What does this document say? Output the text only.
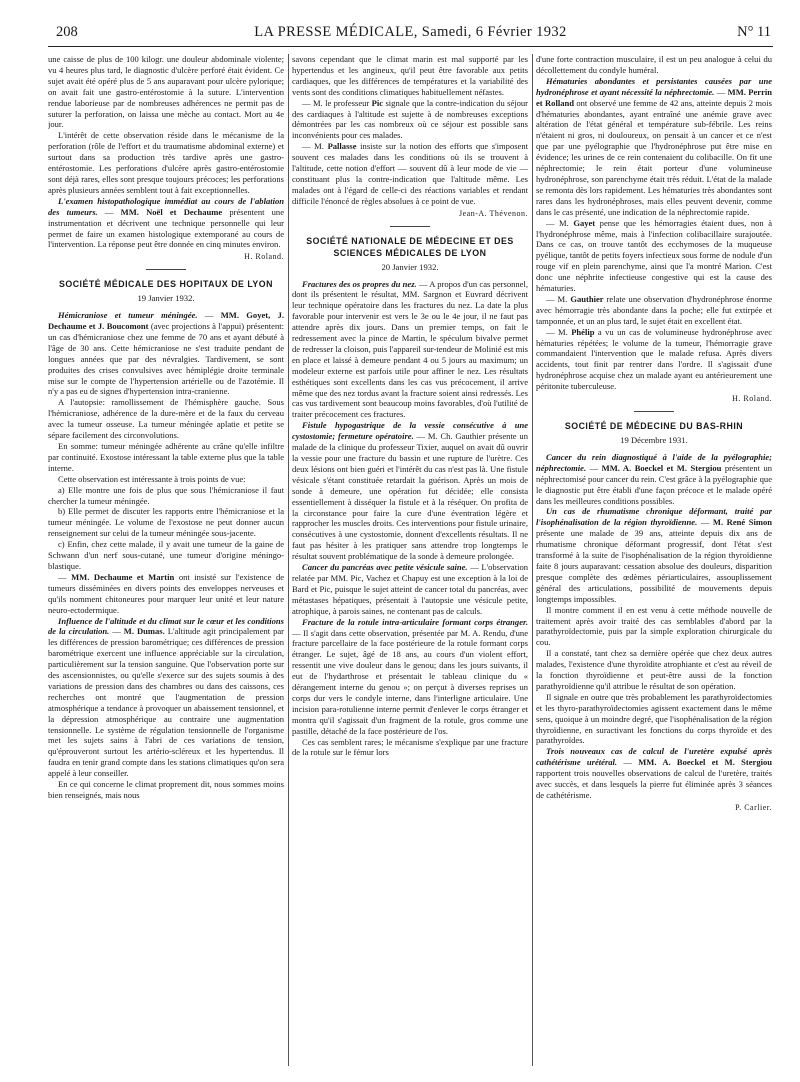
208	LA PRESSE MÉDICALE, Samedi, 6 Février 1932	N° 11

une caisse de plus de 100 kilogr. une douleur abdominale violente; vu 4 heures plus tard, le diagnostic d'ulcère perforé était évident. Ce sujet avait été opéré plus de 5 ans auparavant pour ulcère pylorique; on avait fait une gastro-entérostomie à la suture. L'intervention rendue laborieuse par de nombreuses adhérences ne permit pas de suturer la perforation, on laissa une mèche au contact. Mort au 4e jour.

L'intérêt de cette observation réside dans le mécanisme de la perforation (rôle de l'effort et du traumatisme abdominal externe) et surtout dans sa production très tardive après une gastro-entérostomie. Les perforations d'ulcère après gastro-entérostomie sont déjà rares, elles sont presque toujours précoces; les perforations après plusieurs années semblent tout à fait exceptionnelles.

L'examen histopathologique immédiat au cours de l'ablation des tumeurs. — MM. Noël et Dechaume présentent une instrumentation et décrivent une technique personnelle qui leur permet de faire un examen histologique extemporané au cours de l'intervention. La réponse peut être donnée en cinq minutes environ.

H. Roland.
SOCIÉTÉ MÉDICALE DES HOPITAUX DE LYON
19 Janvier 1932.

Hémicraniose et tumeur méningée. — MM. Goyet, J. Dechaume et J. Boucomont (avec projections à l'appui) présentent: un cas d'hémicraniose chez une femme de 70 ans et ayant débuté à l'âge de 30 ans. Cette hémicraniose ne s'est traduite pendant de longues années que par des névralgies. Tardivement, se sont produites des crises convulsives avec hémiplégie droite terminale mise sur le compte de l'hypertension artérielle ou de l'azotémie. Il n'y a pas eu de signes d'hypertension intra-cranienne.

A l'autopsie: ramollissement de l'hémisphère gauche. Sous l'hémicraniose, adhérence de la dure-mère et de la faux du cerveau avec la tumeur osseuse. La tumeur méningée aplatie et petite se sépare facilement des circonvolutions.

En somme: tumeur méningée adhérente au crâne qu'elle infiltre par continuité. Exostose intéressant la table externe plus que la table interne.

Cette observation est intéressante à trois points de vue:

a) Elle montre une fois de plus que sous l'hémicraniose il faut chercher la tumeur méningée.

b) Elle permet de discuter les rapports entre l'hémicraniose et la tumeur méningée. Le volume de l'exostose ne peut donner aucun renseignement sur celui de la tumeur méningée sous-jacente.

c) Enfin, chez cette malade, il y avait une tumeur de la gaine de Schwann d'un nerf sous-cutané, une tumeur d'origine méningo-blastique.

— MM. Dechaume et Martin ont insisté sur l'existence de tumeurs disséminées en divers points des enveloppes nerveuses et qu'ils nomment chitoneures pour marquer leur unité et leur nature neuro-ectodermique.

Influence de l'altitude et du climat sur le cœur et les conditions de la circulation. — M. Dumas. L'altitude agit principalement par les différences de pression barométrique; ces différences de pression barométrique exercent une influence appréciable sur la circulation, particulièrement sur la tension sanguine. Que l'observation porte sur des ascensionnistes, ou qu'elle s'exerce sur des sujets soumis à des variations de pression dans des chambres ou dans des caissons, ces recherches ont montré que l'augmentation de pression atmosphérique a tendance à provoquer un abaissement tensionnel, et la dépression atmosphérique au contraire une augmentation tensionnelle. Le système de régulation tensionnelle de l'organisme met les sujets sains à l'abri de ces variations de tension, qu'éprouveront surtout les artério-scléreux et les hypertendus. Il faudra en tenir grand compte dans les stations climatiques qu'on sera appelé à leur conseiller.

En ce qui concerne le climat proprement dit, nous sommes moins bien renseignés, mais nous

savons cependant que le climat marin est mal supporté par les hypertendus et les angineux, qu'il peut être favorable aux petits cardiaques, que les différences de températures et la variabilité des vents sont des conditions climatiques habituellement néfastes.

— M. le professeur Pic signale que la contre-indication du séjour des cardiaques à l'altitude est sujette à de nombreuses exceptions démontrées par les cas nombreux où ce séjour est possible sans inconvénients pour ces malades.

— M. Pallasse insiste sur la notion des efforts que s'imposent souvent ces malades dans les conditions où ils se trouvent à l'altitude, cette notion d'effort — souvent dû à leur mode de vie — constituant plus la contre-indication que l'altitude même. Les malades ont à l'égard de celle-ci des réactions variables et rendant difficile l'énoncé de règles absolues à ce point de vue.

Jean-A. Thévenon.
SOCIÉTÉ NATIONALE DE MÉDECINE ET DES SCIENCES MÉDICALES DE LYON
20 Janvier 1932.

Fractures des os propres du nez. — A propos d'un cas personnel, dont ils présentent le résultat, MM. Sargnon et Euvrard décrivent leur technique opératoire dans les fractures du nez. La date la plus favorable pour intervenir est vers le 3e ou le 4e jour, il ne faut pas attendre après dix jours. Dans un premier temps, on fait le redressement avec la pince de Martin, le spéculum bivalve permet de redresser la cloison, puis l'appareil sur-tendeur de Molinié est mis en place et laissé à demeure pendant 4 ou 5 jours au maximum; un modeleur externe est parfois utile pour affiner le nez. Les résultats esthétiques sont excellents dans les cas vus précocement, il arrive même que des nez tordus avant la fracture soient ainsi redressés. Les cas vus tardivement sont beaucoup moins favorables, d'où l'utilité de traiter précocement ces fractures.

Fistule hypogastrique de la vessie consécutive à une cystostomie; fermeture opératoire. — M. Ch. Gauthier présente un malade de la clinique du professeur Tixier, auquel on avait dû ouvrir la vessie pour une fracture du bassin et une rupture de l'urètre. Ces deux lésions ont bien guéri et l'intérêt du cas n'est pas là. Une fistule vésicale s'étant constituée retardait la guérison. Après un mois de sonde à demeure, une opération fut décidée; elle consista essentiellement à disséquer la fistule et à la réséquer. On profita de la circonstance pour faire la cure d'une éventration légère et rapprocher les muscles droits. Ces interventions pour fistule urinaire, consécutives à une cystostomie, donnent d'excellents résultats. Il ne faut pas hésiter à les pratiquer sans attendre trop longtemps le résultat souvent problématique de la sonde à demeure prolongée.

Cancer du pancréas avec petite vésicule saine. — L'observation relatée par MM. Pic, Vachez et Chapuy est une exception à la loi de Bard et Pic, puisque le sujet atteint de cancer total du pancréas, avec métastases hépatiques, présentait à l'autopsie une vésicule petite, atrophique, à parois saines, ne contenant pas de calculs.

Fracture de la rotule intra-articulaire formant corps étranger. — Il s'agit dans cette observation, présentée par M. A. Rendu, d'une fracture parcellaire de la face postérieure de la rotule formant corps étranger. Le sujet, âgé de 18 ans, au cours d'un violent effort, ressentit une vive douleur dans le genou; dans les jours suivants, il eut de l'hydarthrose et présentait le tableau clinique du « dérangement interne du genou »; on perçut à diverses reprises un corps dur vers le condyle interne, dans l'interligne articulaire. Une incision para-rotulienne interne permit d'enlever le corps étranger et montra qu'il s'agissait d'un fragment de la rotule, gros comme une pastille, détaché de la face postérieure de l'os.

Ces cas semblent rares; le mécanisme s'explique par une fracture de la rotule sur le fémur lors

d'une forte contraction musculaire, il est un peu analogue à celui du décollettement du condyle huméral.

Hématuries abondantes et persistantes causées par une hydronéphrose et ayant nécessité la néphrectomie. — MM. Perrin et Rolland ont observé une femme de 42 ans, atteinte depuis 2 mois d'hématuries abondantes, ayant entraîné une anémie grave avec altération de l'état général et température sub-fébrile. Les reins n'étaient ni gros, ni douloureux, on pensait à un cancer et ce n'est que par une pyélographie que l'hydronéphrose put être mise en évidence; les urines de ce rein contenaient du colibacille. On fit une néphrectomie; le rein était porteur d'une volumineuse hydronéphrose, son parenchyme était très réduit. L'état de la malade se remonta dès lors rapidement. Les hématuries très abondantes sont rares dans les hydronéphroses, mais elles peuvent devenir, comme dans le cas présenté, une indication de la néphrectomie rapide.

— M. Gayet pense que les hémorragies étaient dues, non à l'hydronéphrose même, mais à l'infection colibacillaire surajoutée. Dans ce cas, on trouve tantôt des ecchymoses de la muqueuse pyélique, tantôt de petits foyers infectieux sous forme de nodule d'un rouge vif en plein parenchyme, ainsi que l'a montré Marion. C'est donc une néphrite infectieuse congestive qui est la cause des hématuries.

— M. Gauthier relate une observation d'hydronéphrose énorme avec hémorragie très abondante dans la poche; elle fut extirpée et tamponnée, et un an plus tard, le sujet était en excellent état.

— M. Phélip a vu un cas de volumineuse hydronéphrose avec hématuries répétées; le volume de la tumeur, l'hémorragie grave commandaient l'intervention que le malade refusa. Après divers accidents, tout finit par rentrer dans l'ordre. Il s'agissait d'une hydronéphrose acquise chez un malade ayant eu antérieurement une péritonite tuberculeuse.

H. Roland.
SOCIÉTÉ DE MÉDECINE DU BAS-RHIN
19 Décembre 1931.

Cancer du rein diagnostiqué à l'aide de la pyélographie; néphrectomie. — MM. A. Boeckel et M. Stergiou présentent un néphrectomisé pour cancer du rein. C'est grâce à la pyélographie que le diagnostic put être établi d'une façon précoce et le malade opéré dans les meilleures conditions possibles.

Un cas de rhumatisme chronique déformant, traité par l'isophénalisation de la région thyroïdienne. — M. René Simon présente une malade de 39 ans, atteinte depuis dix ans de rhumatisme chronique déformant progressif, dont l'état s'est transformé à la suite de l'isophénalisation de la région thyroïdienne faite 8 jours auparavant: cessation absolue des douleurs, disparition presque complète des œdèmes périarticulaires, assouplissement général des articulations, possibilité de mouvements depuis longtemps impossibles.

Il montre comment il en est venu à cette méthode nouvelle de traitement après avoir traité des cas semblables d'abord par la parathyroïdectomie, puis par la simple exploration chirurgicale du cou.

Il a constaté, tant chez sa dernière opérée que chez deux autres malades, l'existence d'une thyroïdite atrophiante et c'est au réveil de la fonction thyroïdienne et peut-être aussi de la fonction parathyroïdienne qu'il attribue le résultat de son opération.

Il signale en outre que très probablement les parathyroïdectomies et les thyro-parathyroïdectomies agissent exactement dans le même sens, quoique à un moindre degré, que l'isophénalisation de la région thyroïdienne, en suractivant les fonctions du corps thyroïde et des parathyroïdes.

Trois nouveaux cas de calcul de l'uretère expulsé après cathétérisme urétéral. — MM. A. Boeckel et M. Stergiou rapportent trois nouvelles observations de calcul de l'uretère, traités avec succès, et dans lesquels la pierre fut éliminée après 3 séances de cathétérisme.

P. Carlier.
